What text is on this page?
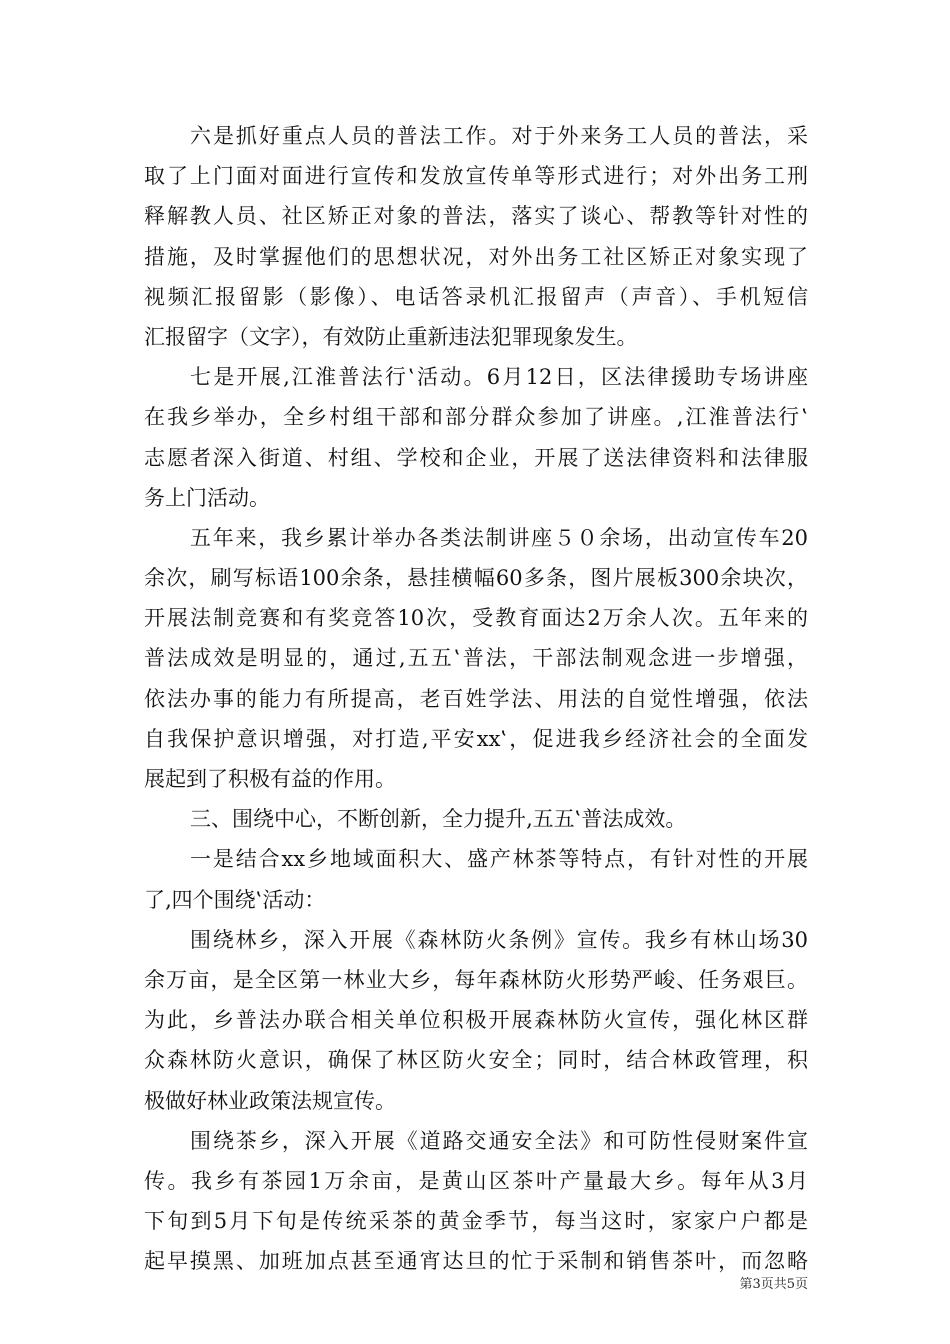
六是抓好重点人员的普法工作。对于外来务工人员的普法，采
取了上门面对面进行宣传和发放宣传单等形式进行；对外出务工刑
释解教人员、社区矫正对象的普法，落实了谈心、帮教等针对性的
措施，及时掌握他们的思想状况，对外出务工社区矫正对象实现了
视频汇报留影（影像）、电话答录机汇报留声（声音）、手机短信
汇报留字（文字），有效防止重新违法犯罪现象发生。
七是开展‚江淮普法行‛活动。6月12日，区法律援助专场讲座
在我乡举办，全乡村组干部和部分群众参加了讲座。‚江淮普法行‛
志愿者深入街道、村组、学校和企业，开展了送法律资料和法律服
务上门活动。
五年来，我乡累计举办各类法制讲座５０余场，出动宣传车20
余次，刷写标语100余条，悬挂横幅60多条，图片展板300余块次，
开展法制竞赛和有奖竞答10次，受教育面达2万余人次。五年来的
普法成效是明显的，通过‚五五‛普法，干部法制观念进一步增强，
依法办事的能力有所提高，老百姓学法、用法的自觉性增强，依法
自我保护意识增强，对打造‚平安xx‛，促进我乡经济社会的全面发
展起到了积极有益的作用。
三、围绕中心，不断创新，全力提升‚五五‛普法成效。
一是结合xx乡地域面积大、盛产林茶等特点，有针对性的开展
了‚四个围绕‛活动：
围绕林乡，深入开展《森林防火条例》宣传。我乡有林山场30
余万亩，是全区第一林业大乡，每年森林防火形势严峻、任务艰巨。
为此，乡普法办联合相关单位积极开展森林防火宣传，强化林区群
众森林防火意识，确保了林区防火安全；同时，结合林政管理，积
极做好林业政策法规宣传。
围绕茶乡，深入开展《道路交通安全法》和可防性侵财案件宣
传。我乡有茶园1万余亩，是黄山区茶叶产量最大乡。每年从3月
下旬到5月下旬是传统采茶的黄金季节，每当这时，家家户户都是
起早摸黑、加班加点甚至通宵达旦的忙于采制和销售茶叶，而忽略
第3页共5页
